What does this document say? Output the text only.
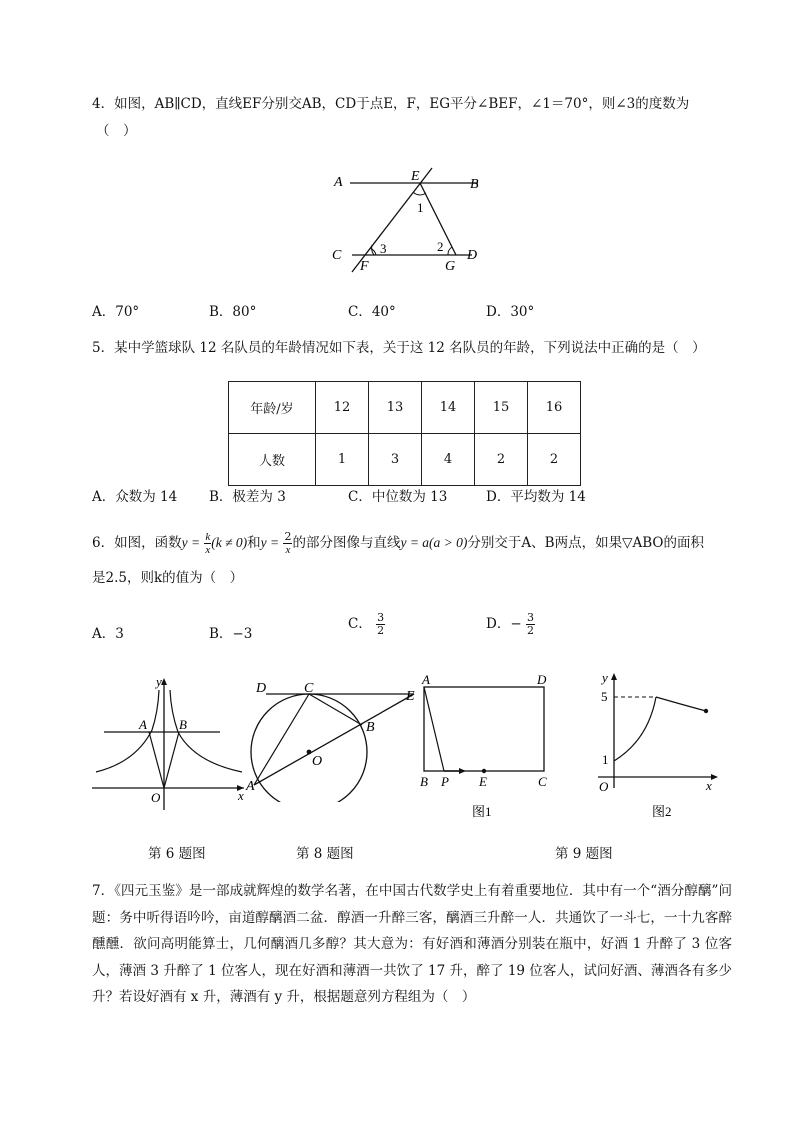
4．如图，AB∥CD，直线EF分别交AB，CD于点E，F，EG平分∠BEF，∠1＝70°，则∠3的度数为
（　）
A	E
B
1
C	3	2
D
F	G
A．70°	B．80°	C．40°	D．30°
5．某中学篮球队 12 名队员的年龄情况如下表，关于这 12 名队员的年龄，下列说法中正确的是（　）
年龄/岁	12	13	14	15	16
人数	1	3	4	2	2
A．众数为 14 B．极差为 3	C．中位数为 13	D．平均数为 14
6．如图，函数$y = \frac{k}{x} (k \ne 0)$和$y = \frac{2}{x}$ 的部分图像与直线y = a(a > 0)分别交于A、B两点，如果▽ABO的面积
是2.5，则k的值为（　）
A．3	B．−3
C． $\frac{3}{2}$	D．− $\frac{3}{2}$
y
x
O
A B
D	C
E
B
O
A
A	D
B P E	C
图1
y
5
1
O	x
图2
第 6 题图	第 8 题图	第 9 题图
7．《四元玉鉴》是一部成就辉煌的数学名著，在中国古代数学史上有着重要地位．其中有一个“酒分醇醨”问题：务中听得语吟吟，亩道醇醨酒二盆．醇酒一升醉三客，醨酒三升醉一人．共通饮了一斗七，一十九客醉醺醺．欲问高明能算士，几何醨酒几多醇？其大意为：有好酒和薄酒分别装在瓶中，好酒 1 升醉了 3 位客人，薄酒 3 升醉了 1 位客人，现在好酒和薄酒一共饮了 17 升，醉了 19 位客人，试问好酒、薄酒各有多少升？若设好酒有 x 升，薄酒有 y 升，根据题意列方程组为（　）
